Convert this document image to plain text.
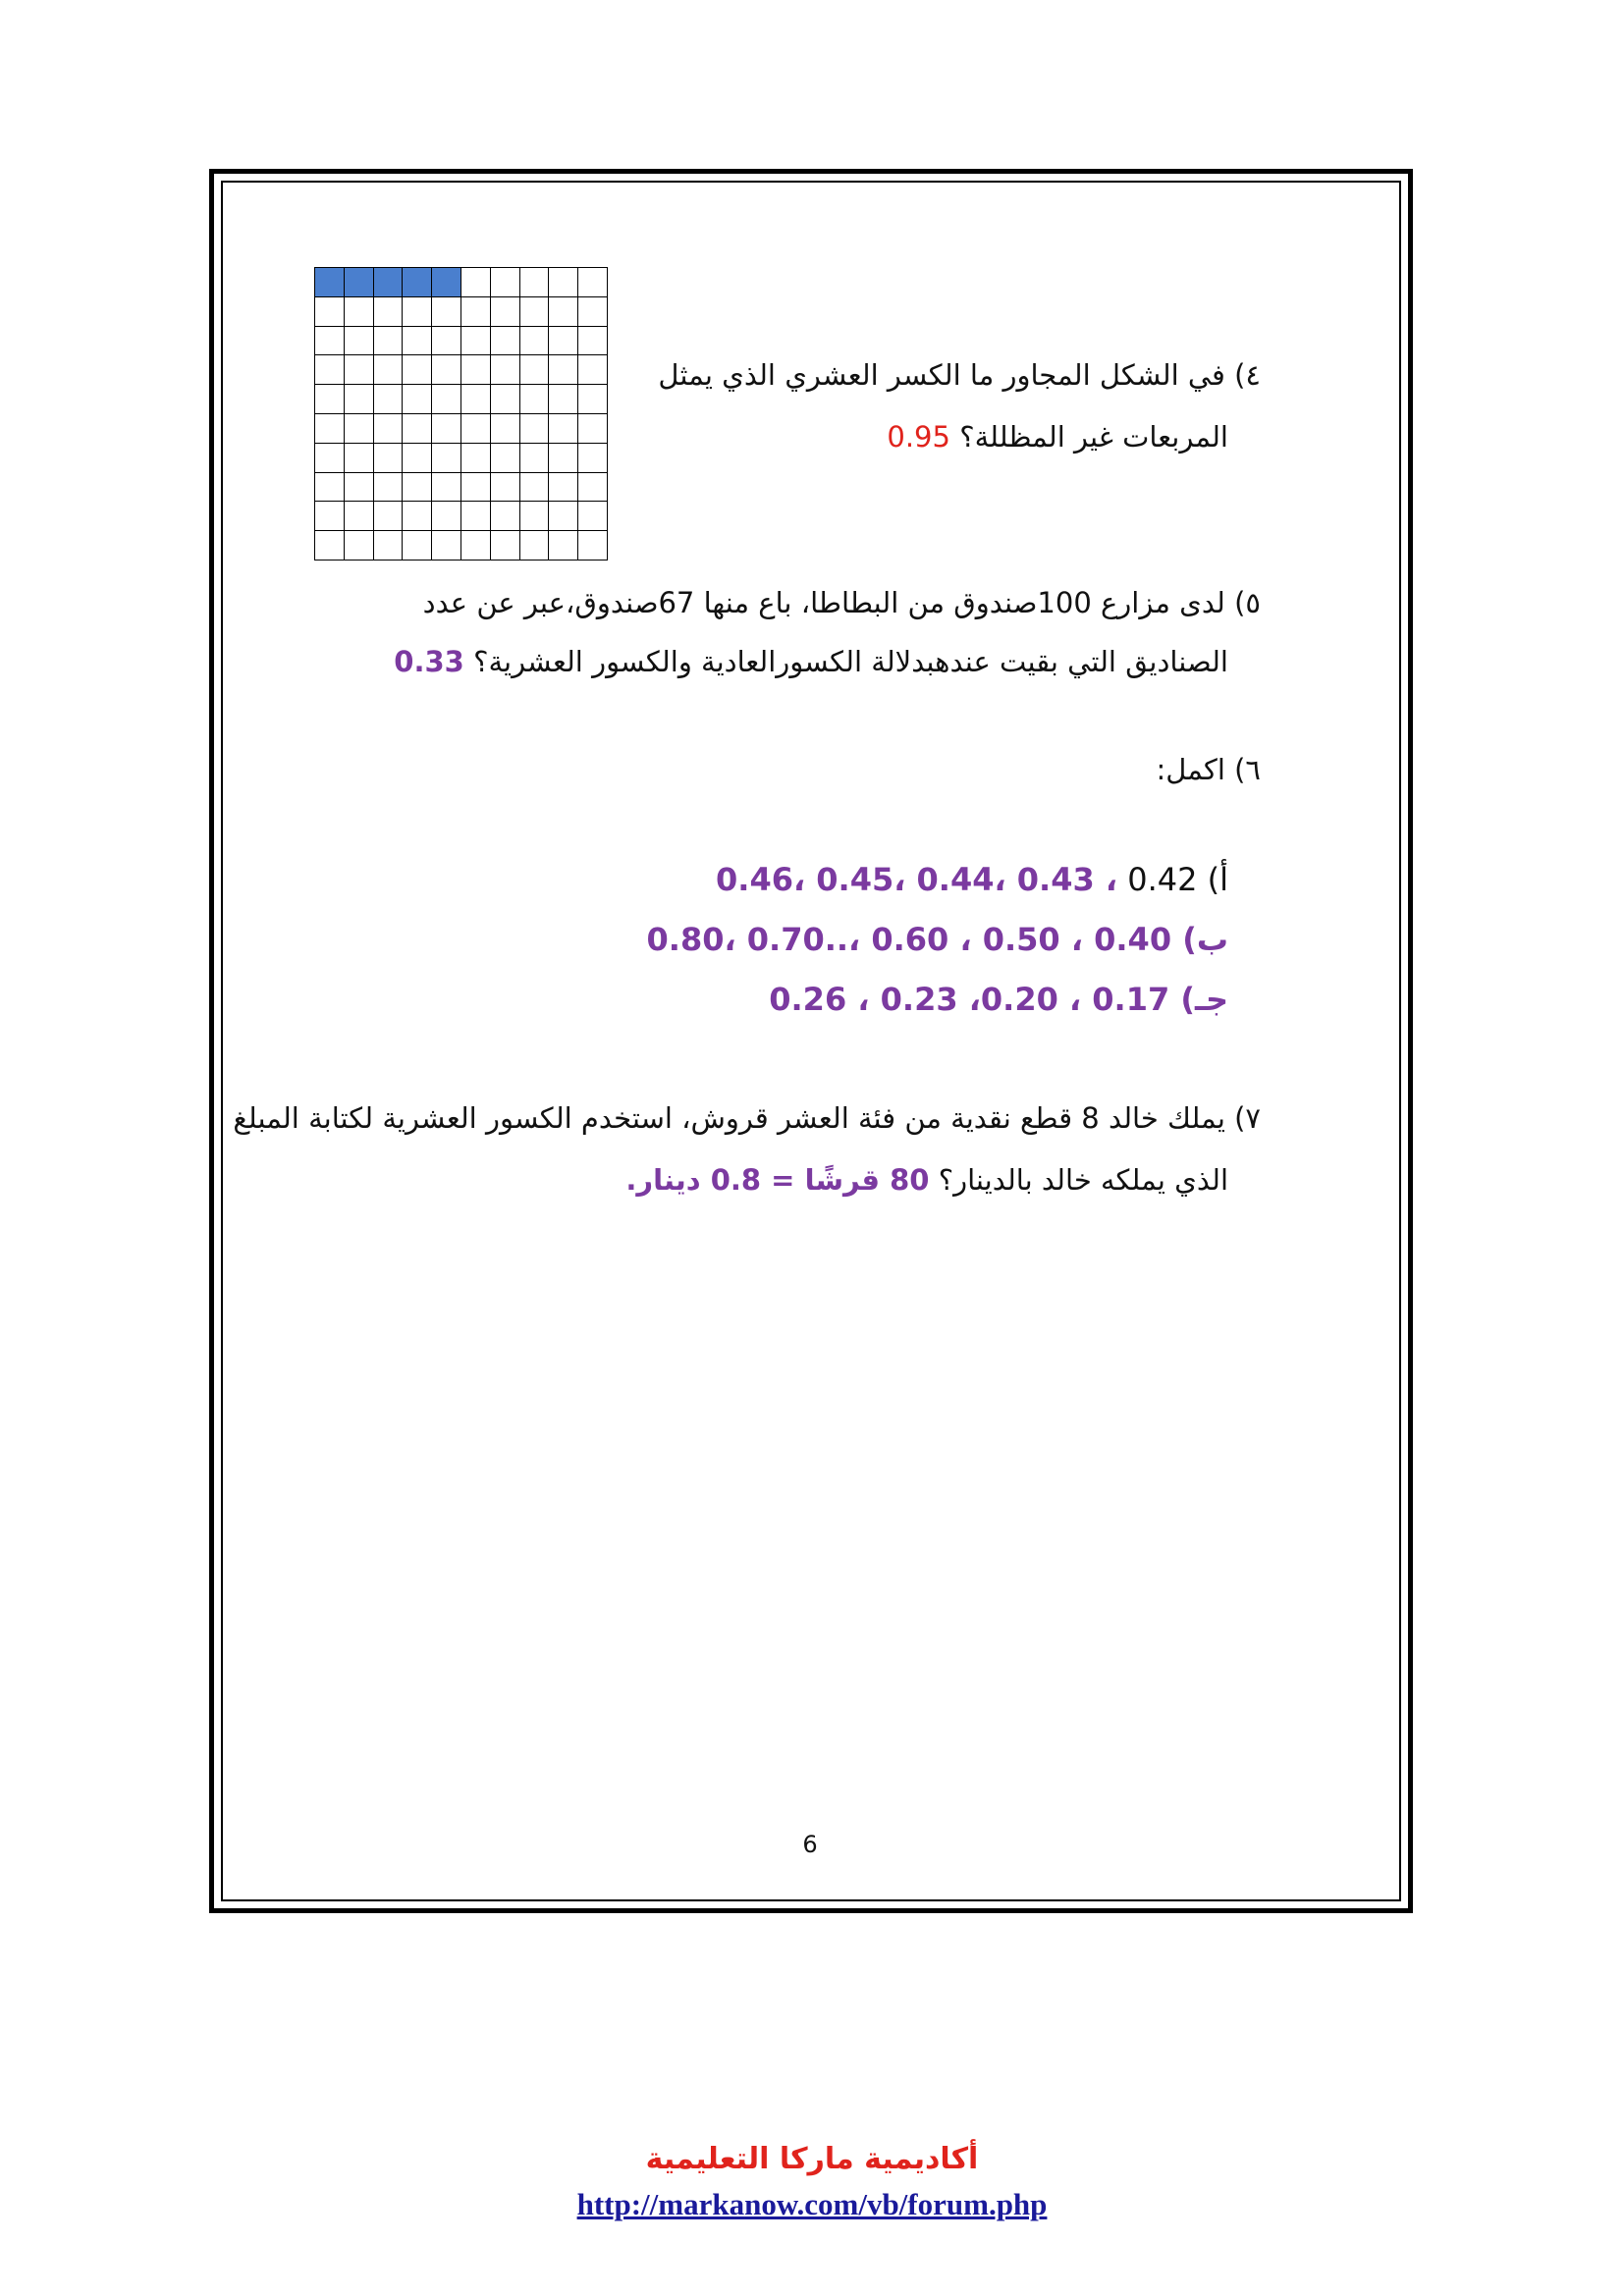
٤) في الشكل المجاور ما الكسر العشري الذي يمثل
المربعات غير المظللة؟ 0.95
٥) لدى مزارع 100صندوق من البطاطا، باع منها 67صندوق،عبر عن عدد
الصناديق التي بقيت عندهبدلالة الكسورالعادية والكسور العشرية؟ 0.33
٦) اكمل:
أ) 0.42 ، 0.43 ،0.44 ،0.45 ،0.46
ب) 0.40 ، 0.50 ، 0.60 ،..0.70 ،0.80
جـ) 0.17 ، 0.20، 0.23 ، 0.26
٧) يملك خالد 8 قطع نقدية من فئة العشر قروش، استخدم الكسور العشرية لكتابة المبلغ
الذي يملكه خالد بالدينار؟ 80 قرشًا = 0.8 دينار.
6
أكاديمية ماركا التعليمية
http://markanow.com/vb/forum.php
